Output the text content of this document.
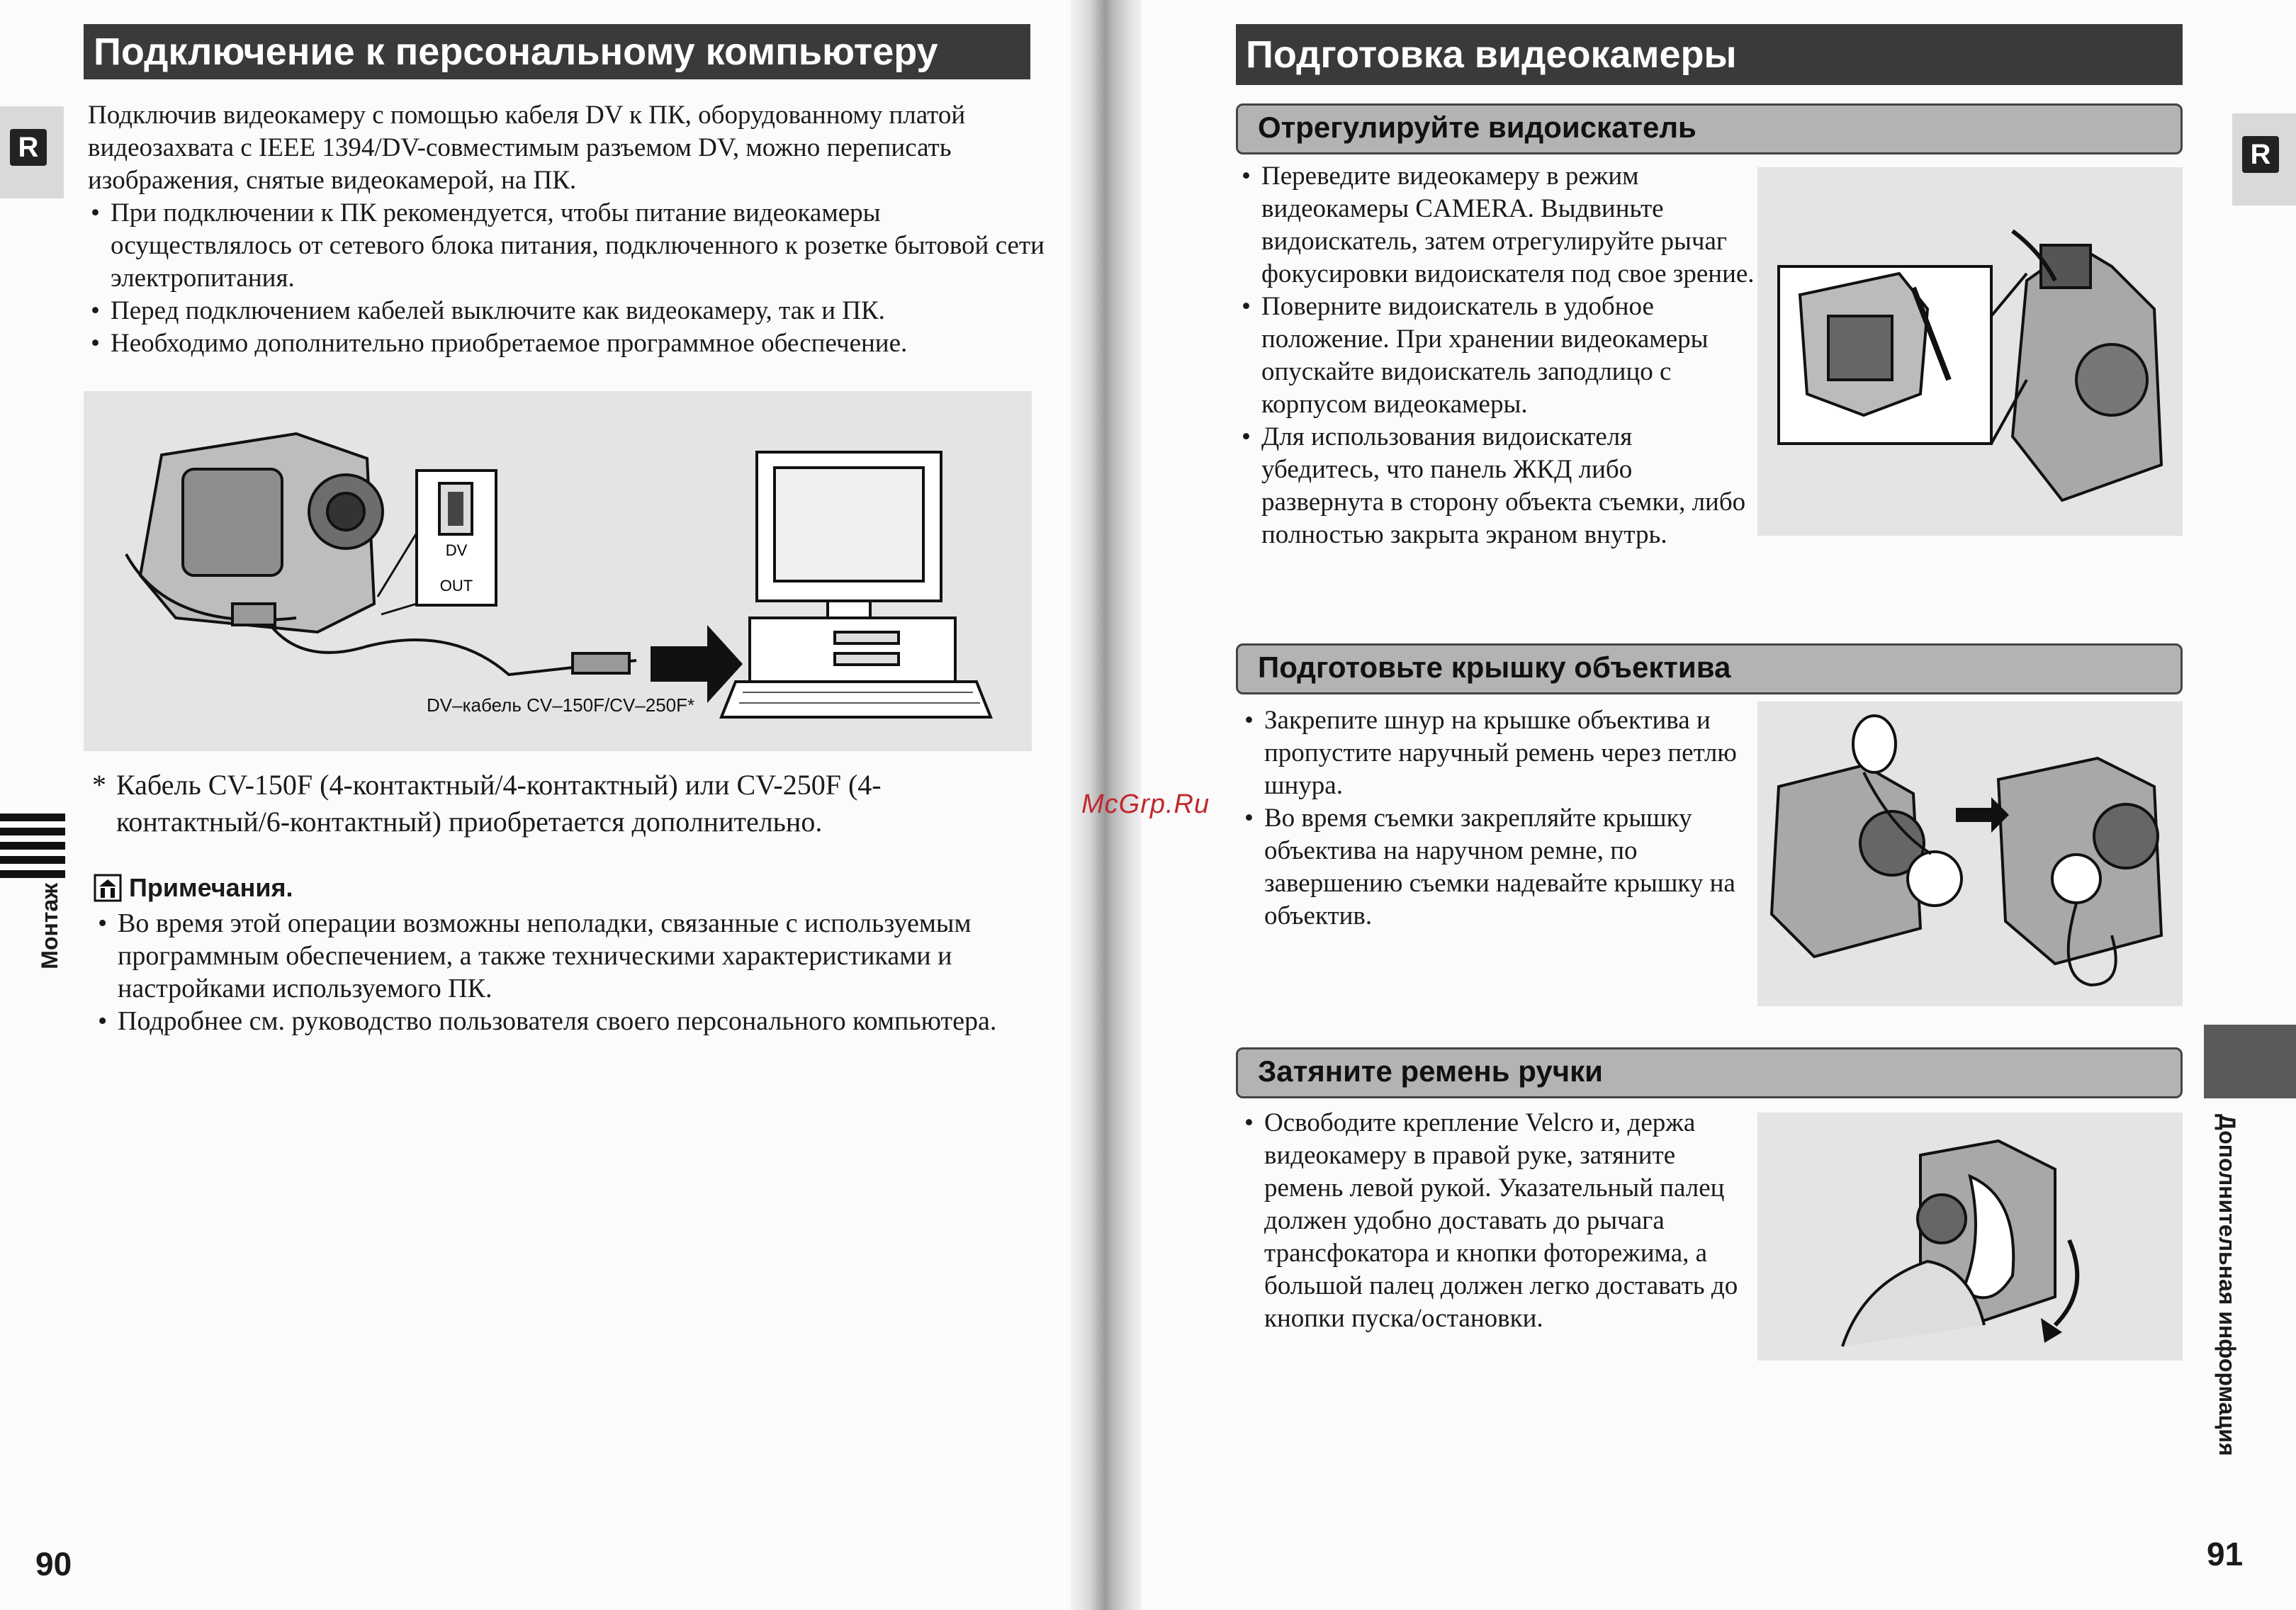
Подключение к персональному компьютеру
R

Подключив видеокамеру с помощью кабеля DV к ПК, оборудованному платой видеозахвата с IEEE 1394/DV-совместимым разъемом DV, можно переписать изображения, снятые видеокамерой, на ПК.

• При подключении к ПК рекомендуется, чтобы питание видеокамеры осуществлялось от сетевого блока питания, подключенного к розетке бытовой сети электропитания.
• Перед подключением кабелей выключите как видеокамеру, так и ПК.
• Необходимо дополнительно приобретаемое программное обеспечение.
DV
OUT
DV–кабель CV–150F/CV–250F*
* Кабель CV-150F (4-контактный/4-контактный) или CV-250F (4-контактный/6-контактный) приобретается дополнительно.
Примечания.
• Во время этой операции возможны неполадки, связанные с используемым программным обеспечением, а также техническими характеристиками и настройками используемого ПК.
• Подробнее см. руководство пользователя своего персонального компьютера.
Монтаж
90
Подготовка видеокамеры
R
Отрегулируйте видоискатель
• Переведите видеокамеру в режим видеокамеры CAMERA. Выдвиньте видоискатель, затем отрегулируйте рычаг фокусировки видоискателя под свое зрение.
• Поверните видоискатель в удобное положение. При хранении видеокамеры опускайте видоискатель заподлицо с корпусом видеокамеры.
• Для использования видоискателя убедитесь, что панель ЖКД либо развернута в сторону объекта съемки, либо полностью закрыта экраном внутрь.
Подготовьте крышку объектива
• Закрепите шнур на крышке объектива и пропустите наручный ремень через петлю шнура.
• Во время съемки закрепляйте крышку объектива на наручном ремне, по завершению съемки надевайте крышку на объектив.
Затяните ремень ручки
• Освободите крепление Velcro и, держа видеокамеру в правой руке, затяните ремень левой рукой. Указательный палец должен удобно доставать до рычага трансфокатора и кнопки фоторежима, а большой палец должен легко доставать до кнопки пуска/остановки.	Дополнительная информация
91
McGrp.Ru
